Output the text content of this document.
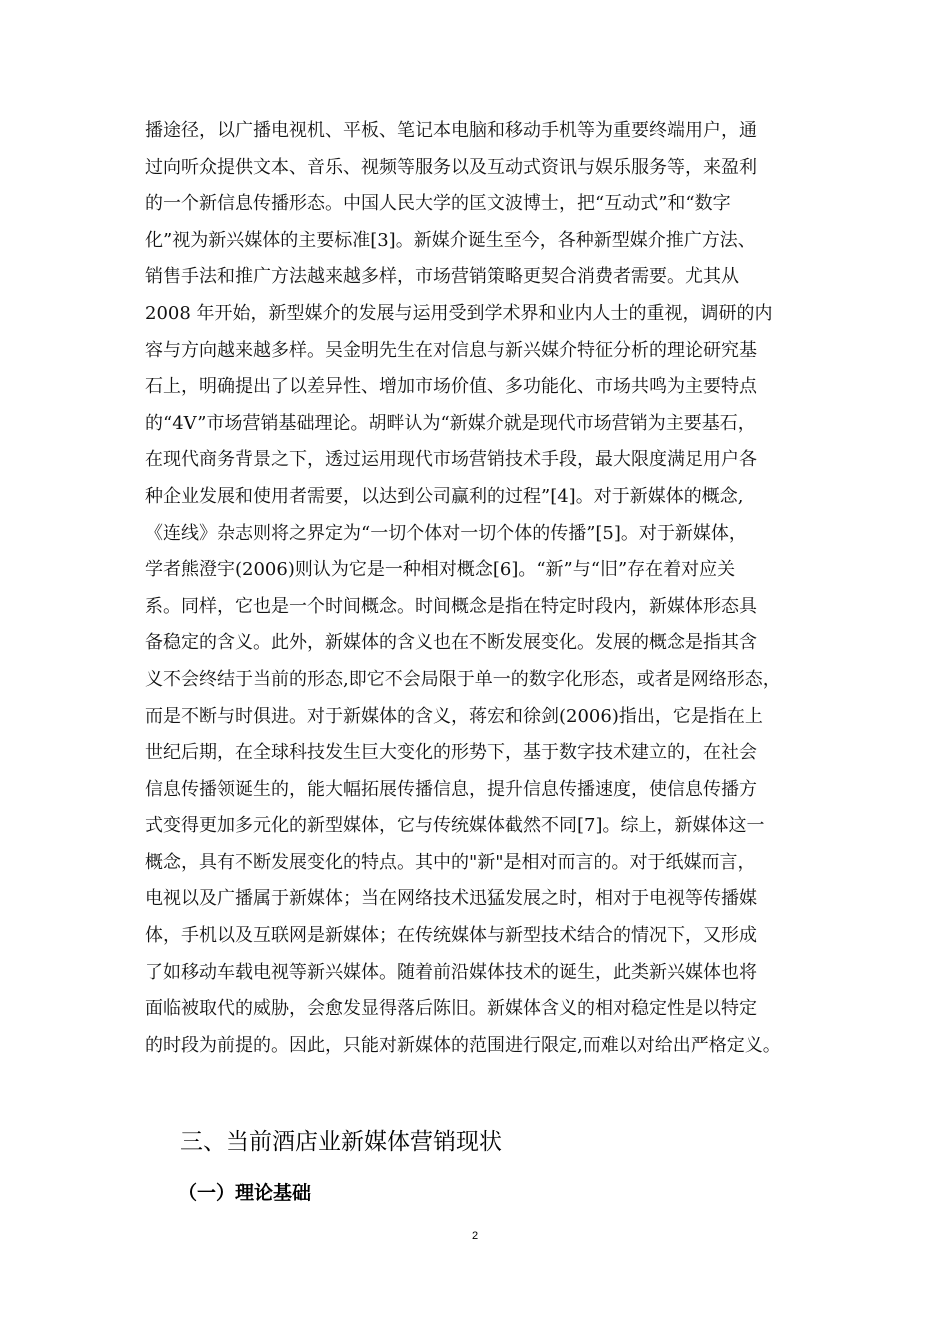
播途径，以广播电视机、平板、笔记本电脑和移动手机等为重要终端用户，通
过向听众提供文本、音乐、视频等服务以及互动式资讯与娱乐服务等，来盈利
的一个新信息传播形态。中国人民大学的匡文波博士，把“互动式”和“数字
化”视为新兴媒体的主要标准[3]。新媒介诞生至今，各种新型媒介推广方法、
销售手法和推广方法越来越多样，市场营销策略更契合消费者需要。尤其从
2008 年开始，新型媒介的发展与运用受到学术界和业内人士的重视，调研的内
容与方向越来越多样。吴金明先生在对信息与新兴媒介特征分析的理论研究基
石上，明确提出了以差异性、增加市场价值、多功能化、市场共鸣为主要特点
的“4V”市场营销基础理论。胡畔认为“新媒介就是现代市场营销为主要基石，
在现代商务背景之下，透过运用现代市场营销技术手段，最大限度满足用户各
种企业发展和使用者需要，以达到公司赢利的过程”[4]。对于新媒体的概念,
《连线》杂志则将之界定为“一切个体对一切个体的传播”[5]。对于新媒体，
学者熊澄宇(2006)则认为它是一种相对概念[6]。“新”与“旧”存在着对应关
系。同样，它也是一个时间概念。时间概念是指在特定时段内，新媒体形态具
备稳定的含义。此外，新媒体的含义也在不断发展变化。发展的概念是指其含
义不会终结于当前的形态,即它不会局限于单一的数字化形态，或者是网络形态，
而是不断与时俱进。对于新媒体的含义，蒋宏和徐剑(2006)指出，它是指在上
世纪后期，在全球科技发生巨大变化的形势下，基于数字技术建立的，在社会
信息传播领诞生的，能大幅拓展传播信息，提升信息传播速度，使信息传播方
式变得更加多元化的新型媒体，它与传统媒体截然不同[7]。综上，新媒体这一
概念，具有不断发展变化的特点。其中的"新"是相对而言的。对于纸媒而言，
电视以及广播属于新媒体；当在网络技术迅猛发展之时，相对于电视等传播媒
体，手机以及互联网是新媒体；在传统媒体与新型技术结合的情况下，又形成
了如移动车载电视等新兴媒体。随着前沿媒体技术的诞生，此类新兴媒体也将
面临被取代的威胁，会愈发显得落后陈旧。新媒体含义的相对稳定性是以特定
的时段为前提的。因此，只能对新媒体的范围进行限定,而难以对给出严格定义。
三、当前酒店业新媒体营销现状
（一）理论基础
2
